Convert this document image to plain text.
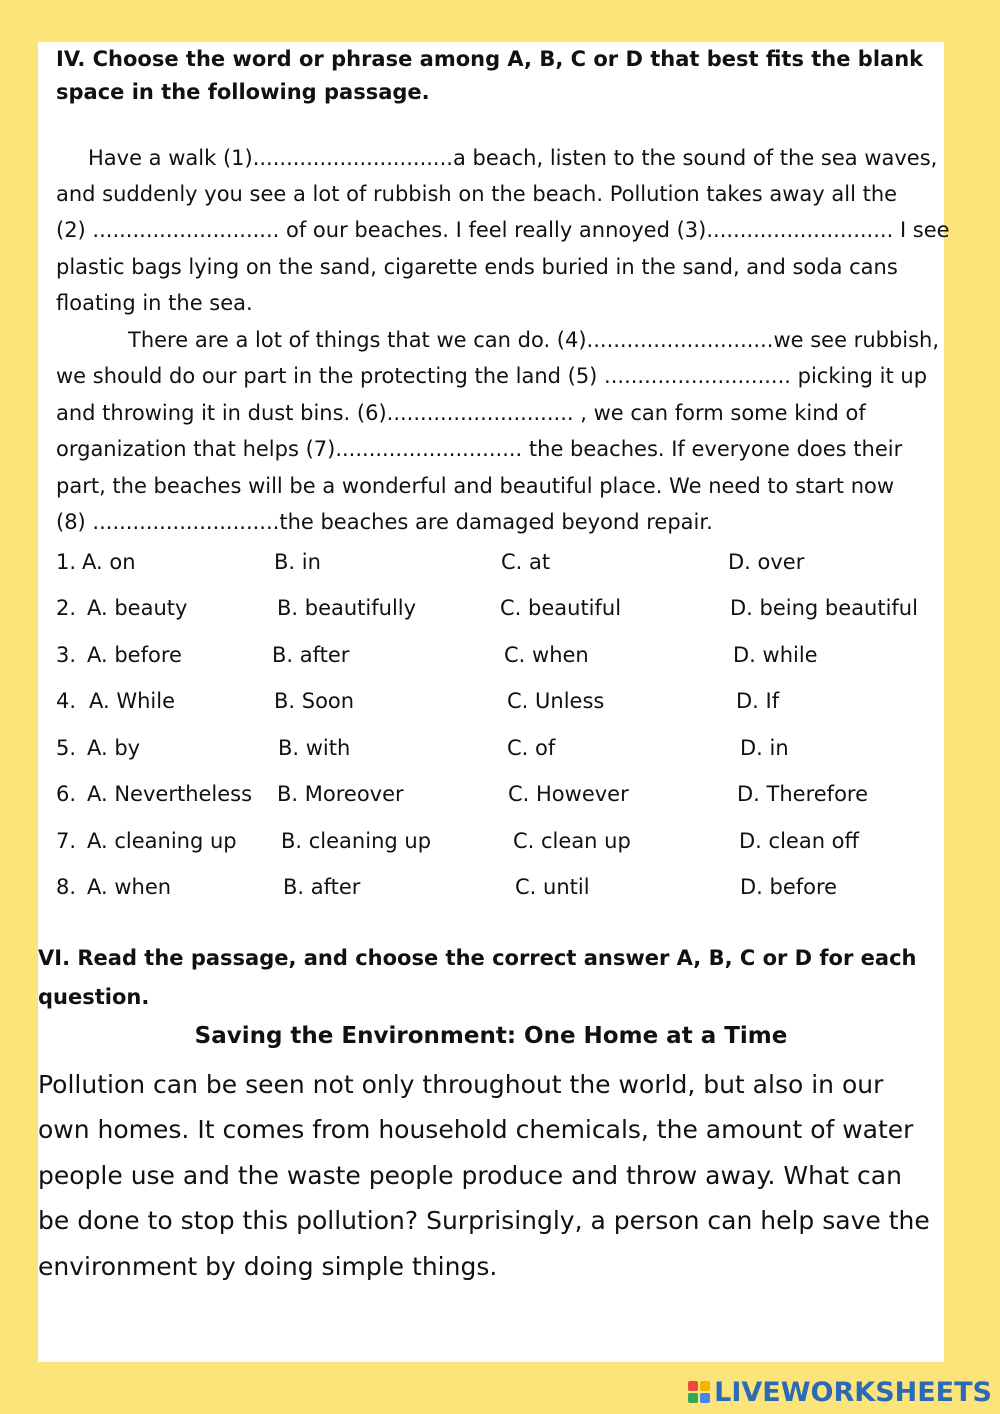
IV. Choose the word or phrase among A, B, C or D that best fits the blank
space in the following passage.
Have a walk (1)..............................a beach, listen to the sound of the sea waves,
and suddenly you see a lot of rubbish on the beach. Pollution takes away all the
(2) ............................ of our beaches. I feel really annoyed (3)............................ I see
plastic bags lying on the sand, cigarette ends buried in the sand, and soda cans
floating in the sea.
There are a lot of things that we can do. (4)............................we see rubbish,
we should do our part in the protecting the land (5) ............................ picking it up
and throwing it in dust bins. (6)............................ , we can form some kind of
organization that helps (7)............................ the beaches. If everyone does their
part, the beaches will be a wonderful and beautiful place. We need to start now
(8) ............................the beaches are damaged beyond repair.
1. A. on	B. in	C. at	D. over
2. A. beauty	B. beautifully	C. beautiful	D. being beautiful
3. A. before	B. after	C. when	D. while
4. A. While	B. Soon	C. Unless	D. If
5. A. by	B. with	C. of	D. in
6. A. Nevertheless B. Moreover	C. However	D. Therefore
7. A. cleaning up B. cleaning up	C. clean up	D. clean off
8. A. when	B. after	C. until	D. before
VI. Read the passage, and choose the correct answer A, B, C or D for each
question.
Saving the Environment: One Home at a Time
Pollution can be seen not only throughout the world, but also in our
own homes. It comes from household chemicals, the amount of water
people use and the waste people produce and throw away. What can
be done to stop this pollution? Surprisingly, a person can help save the
environment by doing simple things.
LIVEWORKSHEETS
